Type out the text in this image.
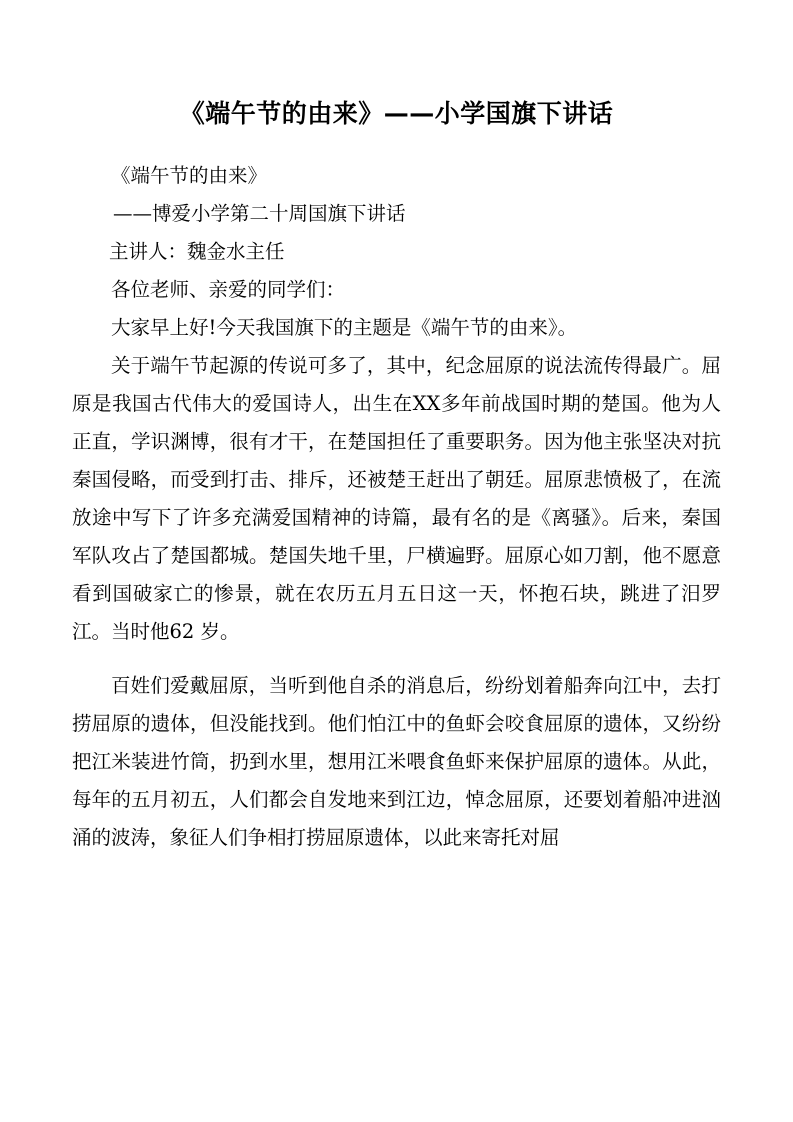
《端午节的由来》——小学国旗下讲话

《端午节的由来》

——博爱小学第二十周国旗下讲话

主讲人：魏金水主任

各位老师、亲爱的同学们：

大家早上好!今天我国旗下的主题是《端午节的由来》。

关于端午节起源的传说可多了，其中，纪念屈原的说法流传得最广。屈原是我国古代伟大的爱国诗人，出生在XX多年前战国时期的楚国。他为人正直，学识渊博，很有才干，在楚国担任了重要职务。因为他主张坚决对抗秦国侵略，而受到打击、排斥，还被楚王赶出了朝廷。屈原悲愤极了，在流放途中写下了许多充满爱国精神的诗篇，最有名的是《离骚》。后来，秦国军队攻占了楚国都城。楚国失地千里，尸横遍野。屈原心如刀割，他不愿意看到国破家亡的惨景，就在农历五月五日这一天，怀抱石块，跳进了汨罗江。当时他62 岁。

百姓们爱戴屈原，当听到他自杀的消息后，纷纷划着船奔向江中，去打捞屈原的遗体，但没能找到。他们怕江中的鱼虾会咬食屈原的遗体，又纷纷把江米装进竹筒，扔到水里，想用江米喂食鱼虾来保护屈原的遗体。从此，每年的五月初五，人们都会自发地来到江边，悼念屈原，还要划着船冲进汹涌的波涛，象征人们争相打捞屈原遗体，以此来寄托对屈
